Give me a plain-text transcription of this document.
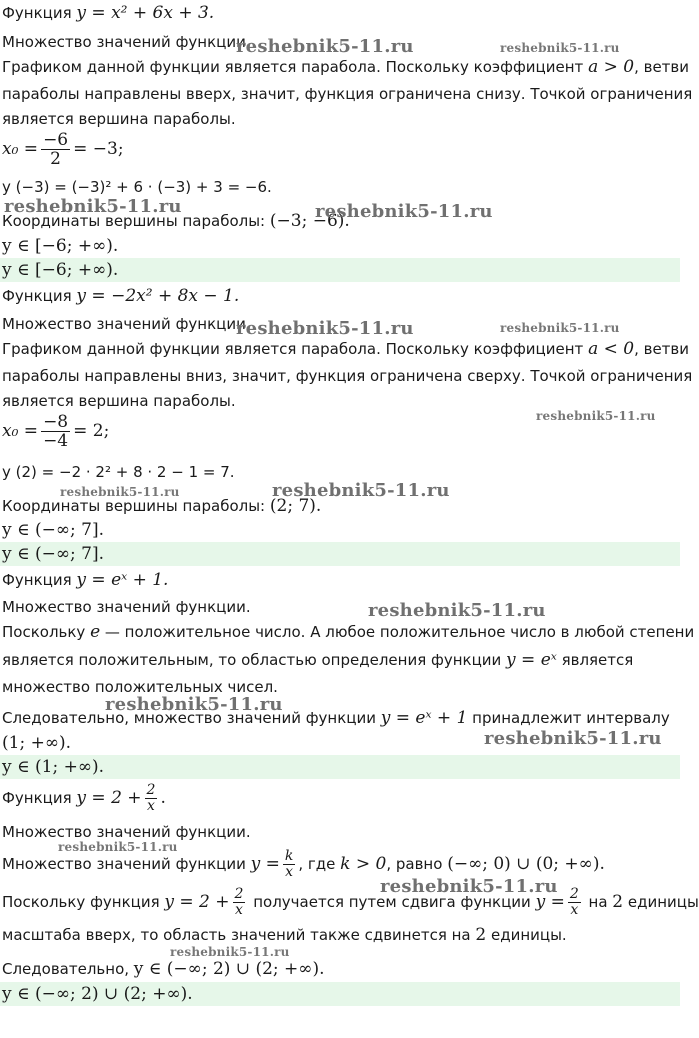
Функция y = x² + 6x + 3.
Множество значений функции.
Графиком данной функции является парабола. Поскольку коэффициент a > 0, ветви
параболы направлены вверх, значит, функция ограничена снизу. Точкой ограничения
является вершина параболы.
$x_0 = \frac{-6}{2} = -3$;
y (−3) = (−3)² + 6 · (−3) + 3 = −6.
Координаты вершины параболы: (−3; −6).
y ∈ [−6; +∞).
y ∈ [−6; +∞).
Функция y = −2x² + 8x − 1.
Множество значений функции.
Графиком данной функции является парабола. Поскольку коэффициент a < 0, ветви
параболы направлены вниз, значит, функция ограничена сверху. Точкой ограничения
является вершина параболы.
$x_0 = \frac{-8}{-4} = 2$;
y (2) = −2 · 2² + 8 · 2 − 1 = 7.
Координаты вершины параболы: (2; 7).
y ∈ (−∞; 7].
y ∈ (−∞; 7].
Функция y = eˣ + 1.
Множество значений функции.
Поскольку e — положительное число. А любое положительное число в любой степени
является положительным, то областью определения функции y = eˣ является
множество положительных чисел.
Следовательно, множество значений функции y = eˣ + 1 принадлежит интервалу
(1; +∞).
y ∈ (1; +∞).
Функция $y = 2 + \frac{2}{x}$ .
Множество значений функции.
Множество значений функции $y = \frac{k}{x}$ , где k > 0, равно (−∞; 0) ∪ (0; +∞).
Поскольку функция $y = 2 + \frac{2}{x}$ получается путем сдвига функции $y = \frac{2}{x}$ на 2 единицы
масштаба вверх, то область значений также сдвинется на 2 единицы.
Следовательно, y ∈ (−∞; 2) ∪ (2; +∞).
y ∈ (−∞; 2) ∪ (2; +∞).
reshebnik5-11.ru	reshebnik5-11.ru
reshebnik5-11.ru	reshebnik5-11.ru
reshebnik5-11.ru	reshebnik5-11.ru
reshebnik5-11.ru
reshebnik5-11.ru	reshebnik5-11.ru
reshebnik5-11.ru
reshebnik5-11.ru
reshebnik5-11.ru
reshebnik5-11.ru
reshebnik5-11.ru
reshebnik5-11.ru
